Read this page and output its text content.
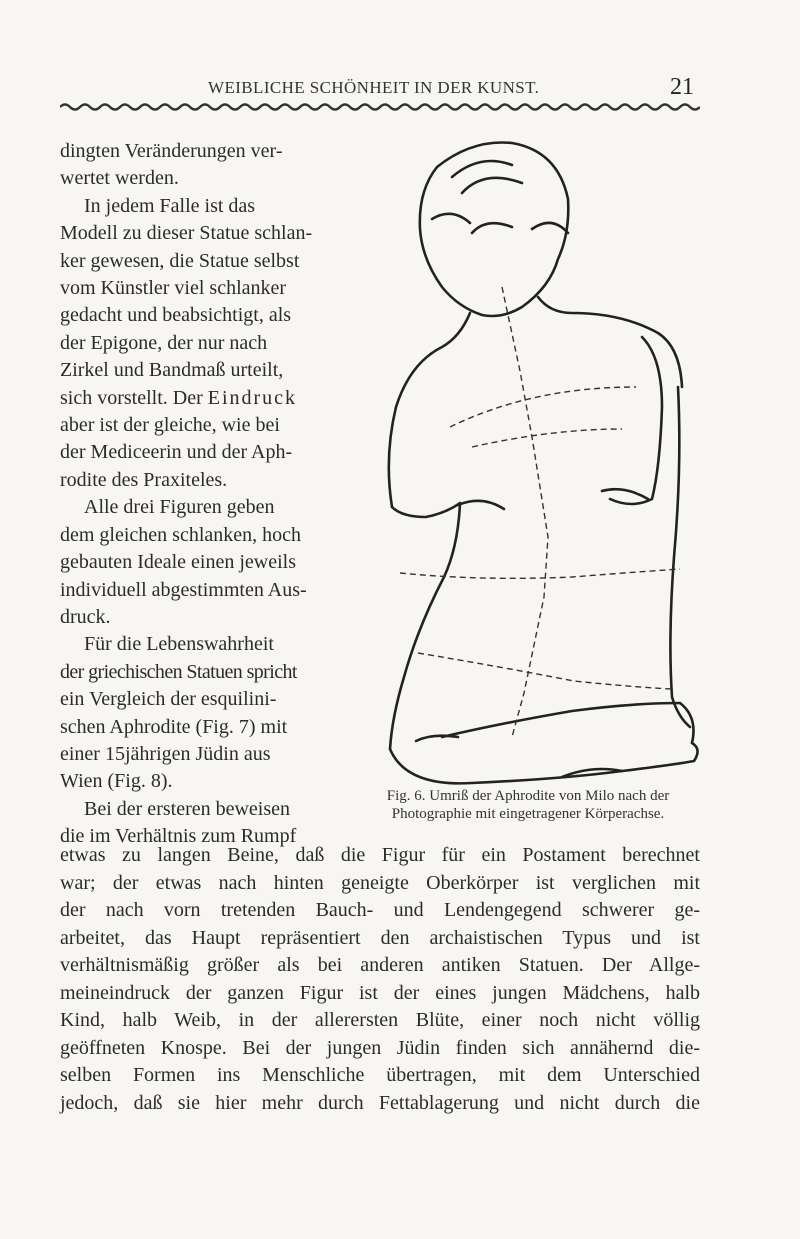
WEIBLICHE SCHÖNHEIT IN DER KUNST.	21

dingten Veränderungen ver-
wertet werden.

In jedem Falle ist das

Modell zu dieser Statue schlan-
ker gewesen, die Statue selbst
vom Künstler viel schlanker
gedacht und beabsichtigt, als
der Epigone, der nur nach
Zirkel und Bandmaß urteilt,
sich vorstellt. Der Eindruck
aber ist der gleiche, wie bei
der Mediceerin und der Aph-
rodite des Praxiteles.

Alle drei Figuren geben

dem gleichen schlanken, hoch
gebauten Ideale einen jeweils
individuell abgestimmten Aus-
druck.

Für die Lebenswahrheit

der griechischen Statuen spricht
ein Vergleich der esquilini-
schen Aphrodite (Fig. 7) mit
einer 15jährigen Jüdin aus
Wien (Fig. 8).

Bei der ersteren beweisen

die im Verhältnis zum Rumpf

Fig. 6. Umriß der Aphrodite von Milo nach der
Photographie mit eingetragener Körperachse.
etwas zu langen Beine, daß die Figur für ein Postament berechnet
war; der etwas nach hinten geneigte Oberkörper ist verglichen mit
der nach vorn tretenden Bauch- und Lendengegend schwerer ge-
arbeitet, das Haupt repräsentiert den archaistischen Typus und ist
verhältnismäßig größer als bei anderen antiken Statuen. Der Allge-
meineindruck der ganzen Figur ist der eines jungen Mädchens, halb
Kind, halb Weib, in der allerersten Blüte, einer noch nicht völlig
geöffneten Knospe. Bei der jungen Jüdin finden sich annähernd die-
selben Formen ins Menschliche übertragen, mit dem Unterschied
jedoch, daß sie hier mehr durch Fettablagerung und nicht durch die
